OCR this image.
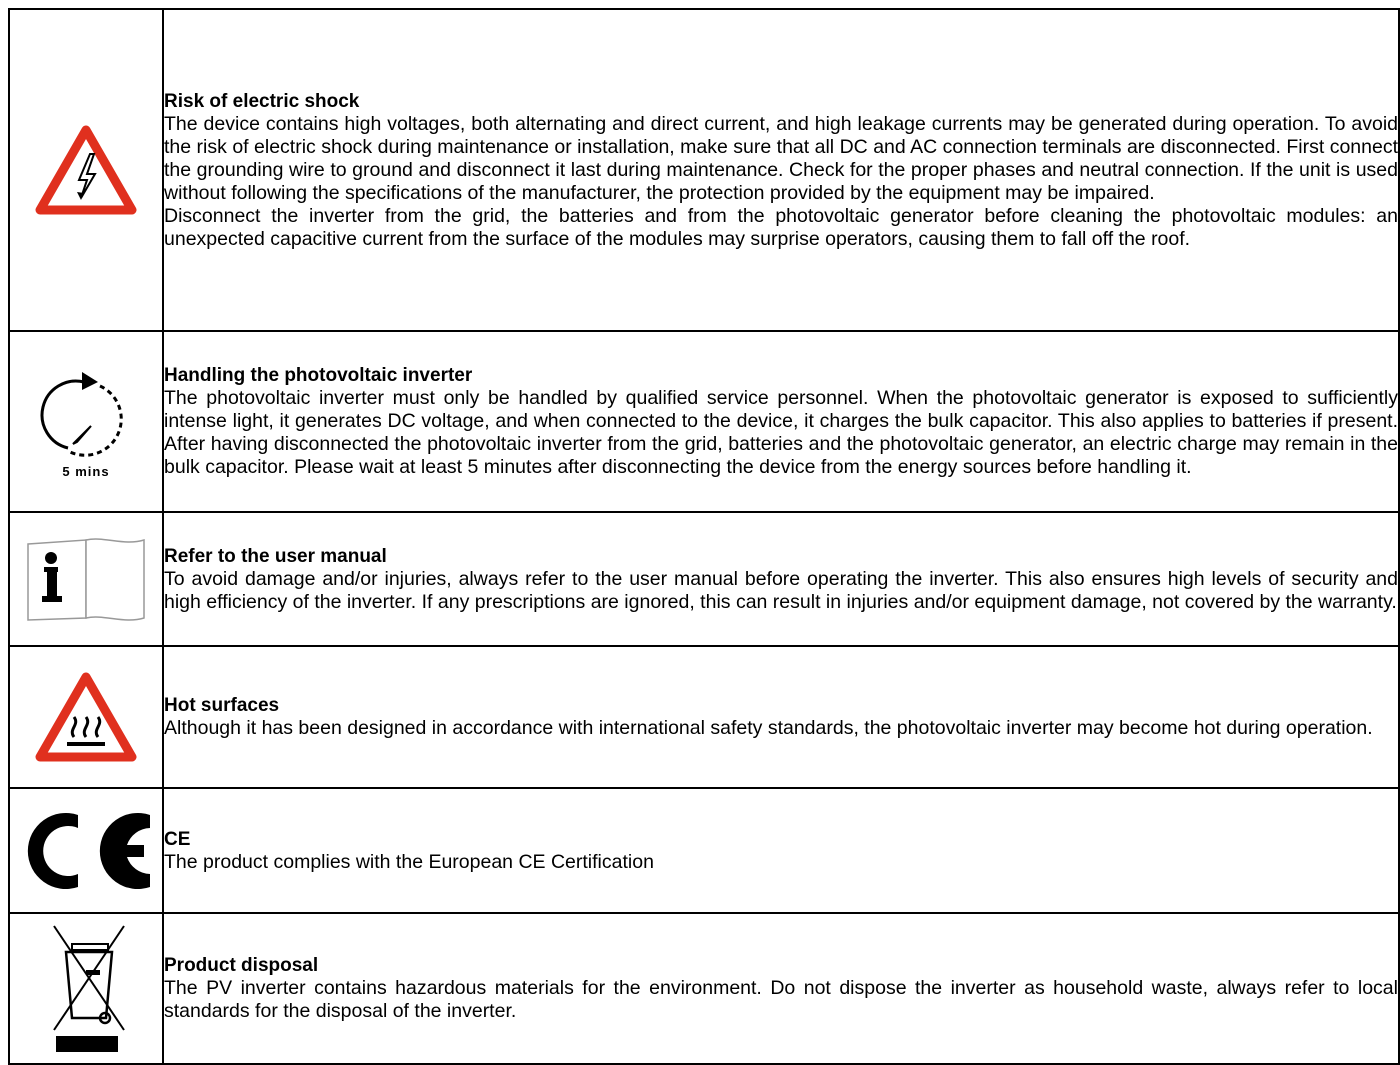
Risk of electric shock
The device contains high voltages, both alternating and direct current, and high leakage currents may be generated during operation. To avoid the risk of electric shock during maintenance or installation, make sure that all DC and AC connection terminals are disconnected. First connect the grounding wire to ground and disconnect it last during maintenance. Check for the proper phases and neutral connection. If the unit is used without following the specifications of the manufacturer, the protection provided by the equipment may be impaired.
Disconnect the inverter from the grid, the batteries and from the photovoltaic generator before cleaning the photovoltaic modules: an unexpected capacitive current from the surface of the modules may surprise operators, causing them to fall off the roof.

5 mins	Handling the photovoltaic inverter
The photovoltaic inverter must only be handled by qualified service personnel. When the photovoltaic generator is exposed to sufficiently intense light, it generates DC voltage, and when connected to the device, it charges the bulk capacitor. This also applies to batteries if present. After having disconnected the photovoltaic inverter from the grid, batteries and the photovoltaic generator, an electric charge may remain in the bulk capacitor. Please wait at least 5 minutes after disconnecting the device from the energy sources before handling it.

Refer to the user manual
To avoid damage and/or injuries, always refer to the user manual before operating the inverter. This also ensures high levels of security and high efficiency of the inverter. If any prescriptions are ignored, this can result in injuries and/or equipment damage, not covered by the warranty.

Hot surfaces
Although it has been designed in accordance with international safety standards, the photovoltaic inverter may become hot during operation.

CE
The product complies with the European CE Certification

Product disposal
The PV inverter contains hazardous materials for the environment. Do not dispose the inverter as household waste, always refer to local standards for the disposal of the inverter.
